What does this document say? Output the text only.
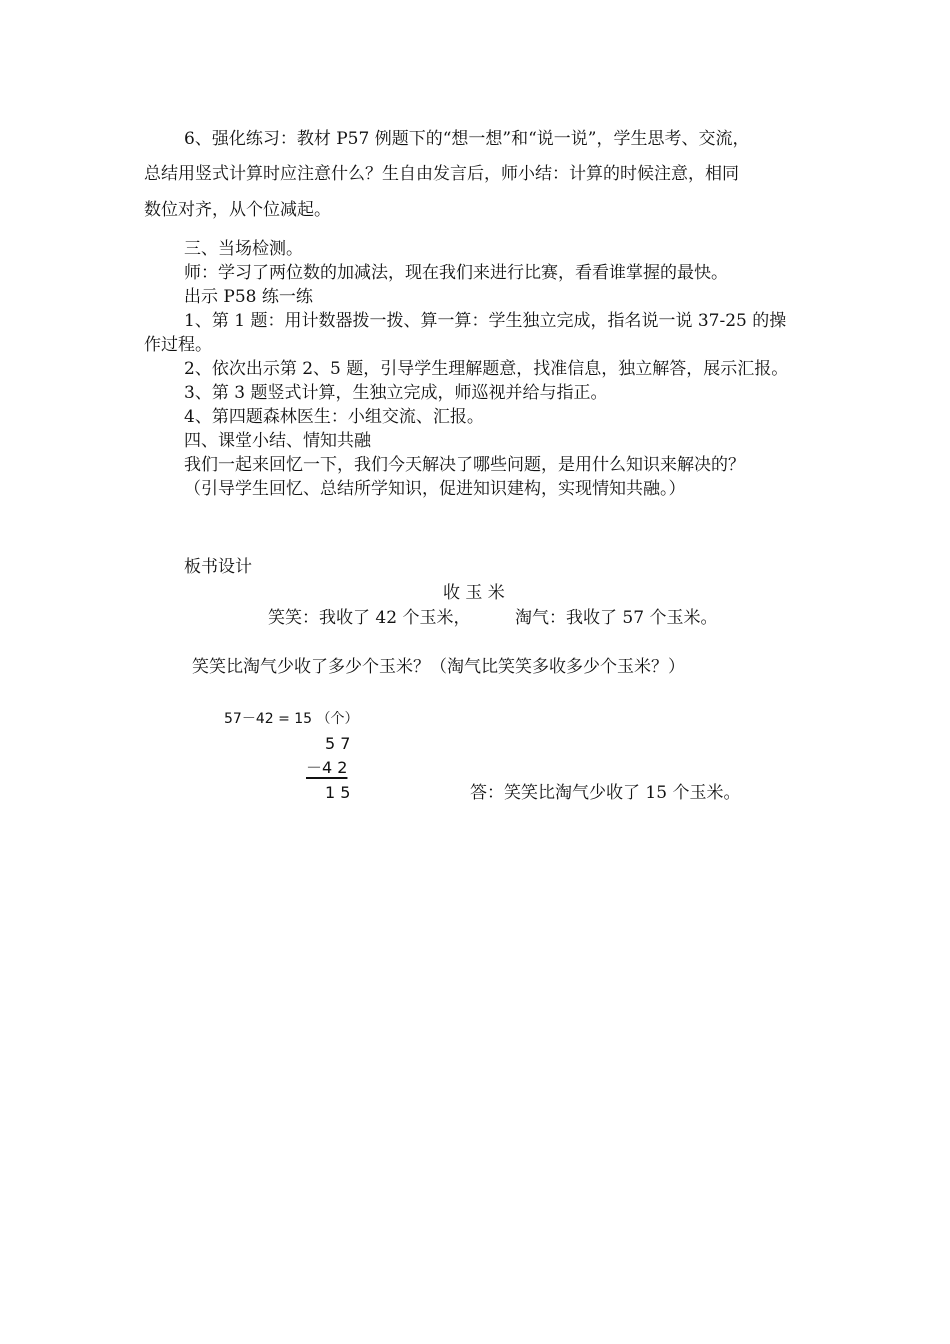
6、强化练习：教材 P57 例题下的“想一想”和“说一说”，学生思考、交流，
总结用竖式计算时应注意什么？生自由发言后，师小结：计算的时候注意，相同
数位对齐，从个位减起。
三、当场检测。
师：学习了两位数的加减法，现在我们来进行比赛，看看谁掌握的最快。
出示 P58 练一练
1、第 1 题：用计数器拨一拨、算一算：学生独立完成，指名说一说 37-25 的操
作过程。
2、依次出示第 2、5 题，引导学生理解题意，找准信息，独立解答，展示汇报。
3、第 3 题竖式计算，生独立完成，师巡视并给与指正。
4、第四题森林医生：小组交流、汇报。
四、课堂小结、情知共融
我们一起来回忆一下，我们今天解决了哪些问题，是用什么知识来解决的？
（引导学生回忆、总结所学知识，促进知识建构，实现情知共融。）
板书设计
收 玉 米
笑笑：我收了 42 个玉米，	淘气：我收了 57 个玉米。
笑笑比淘气少收了多少个玉米？（淘气比笑笑多收多少个玉米？）
57－42 = 15 （个）
5 7
－4 2
1 5	答：笑笑比淘气少收了 15 个玉米。
